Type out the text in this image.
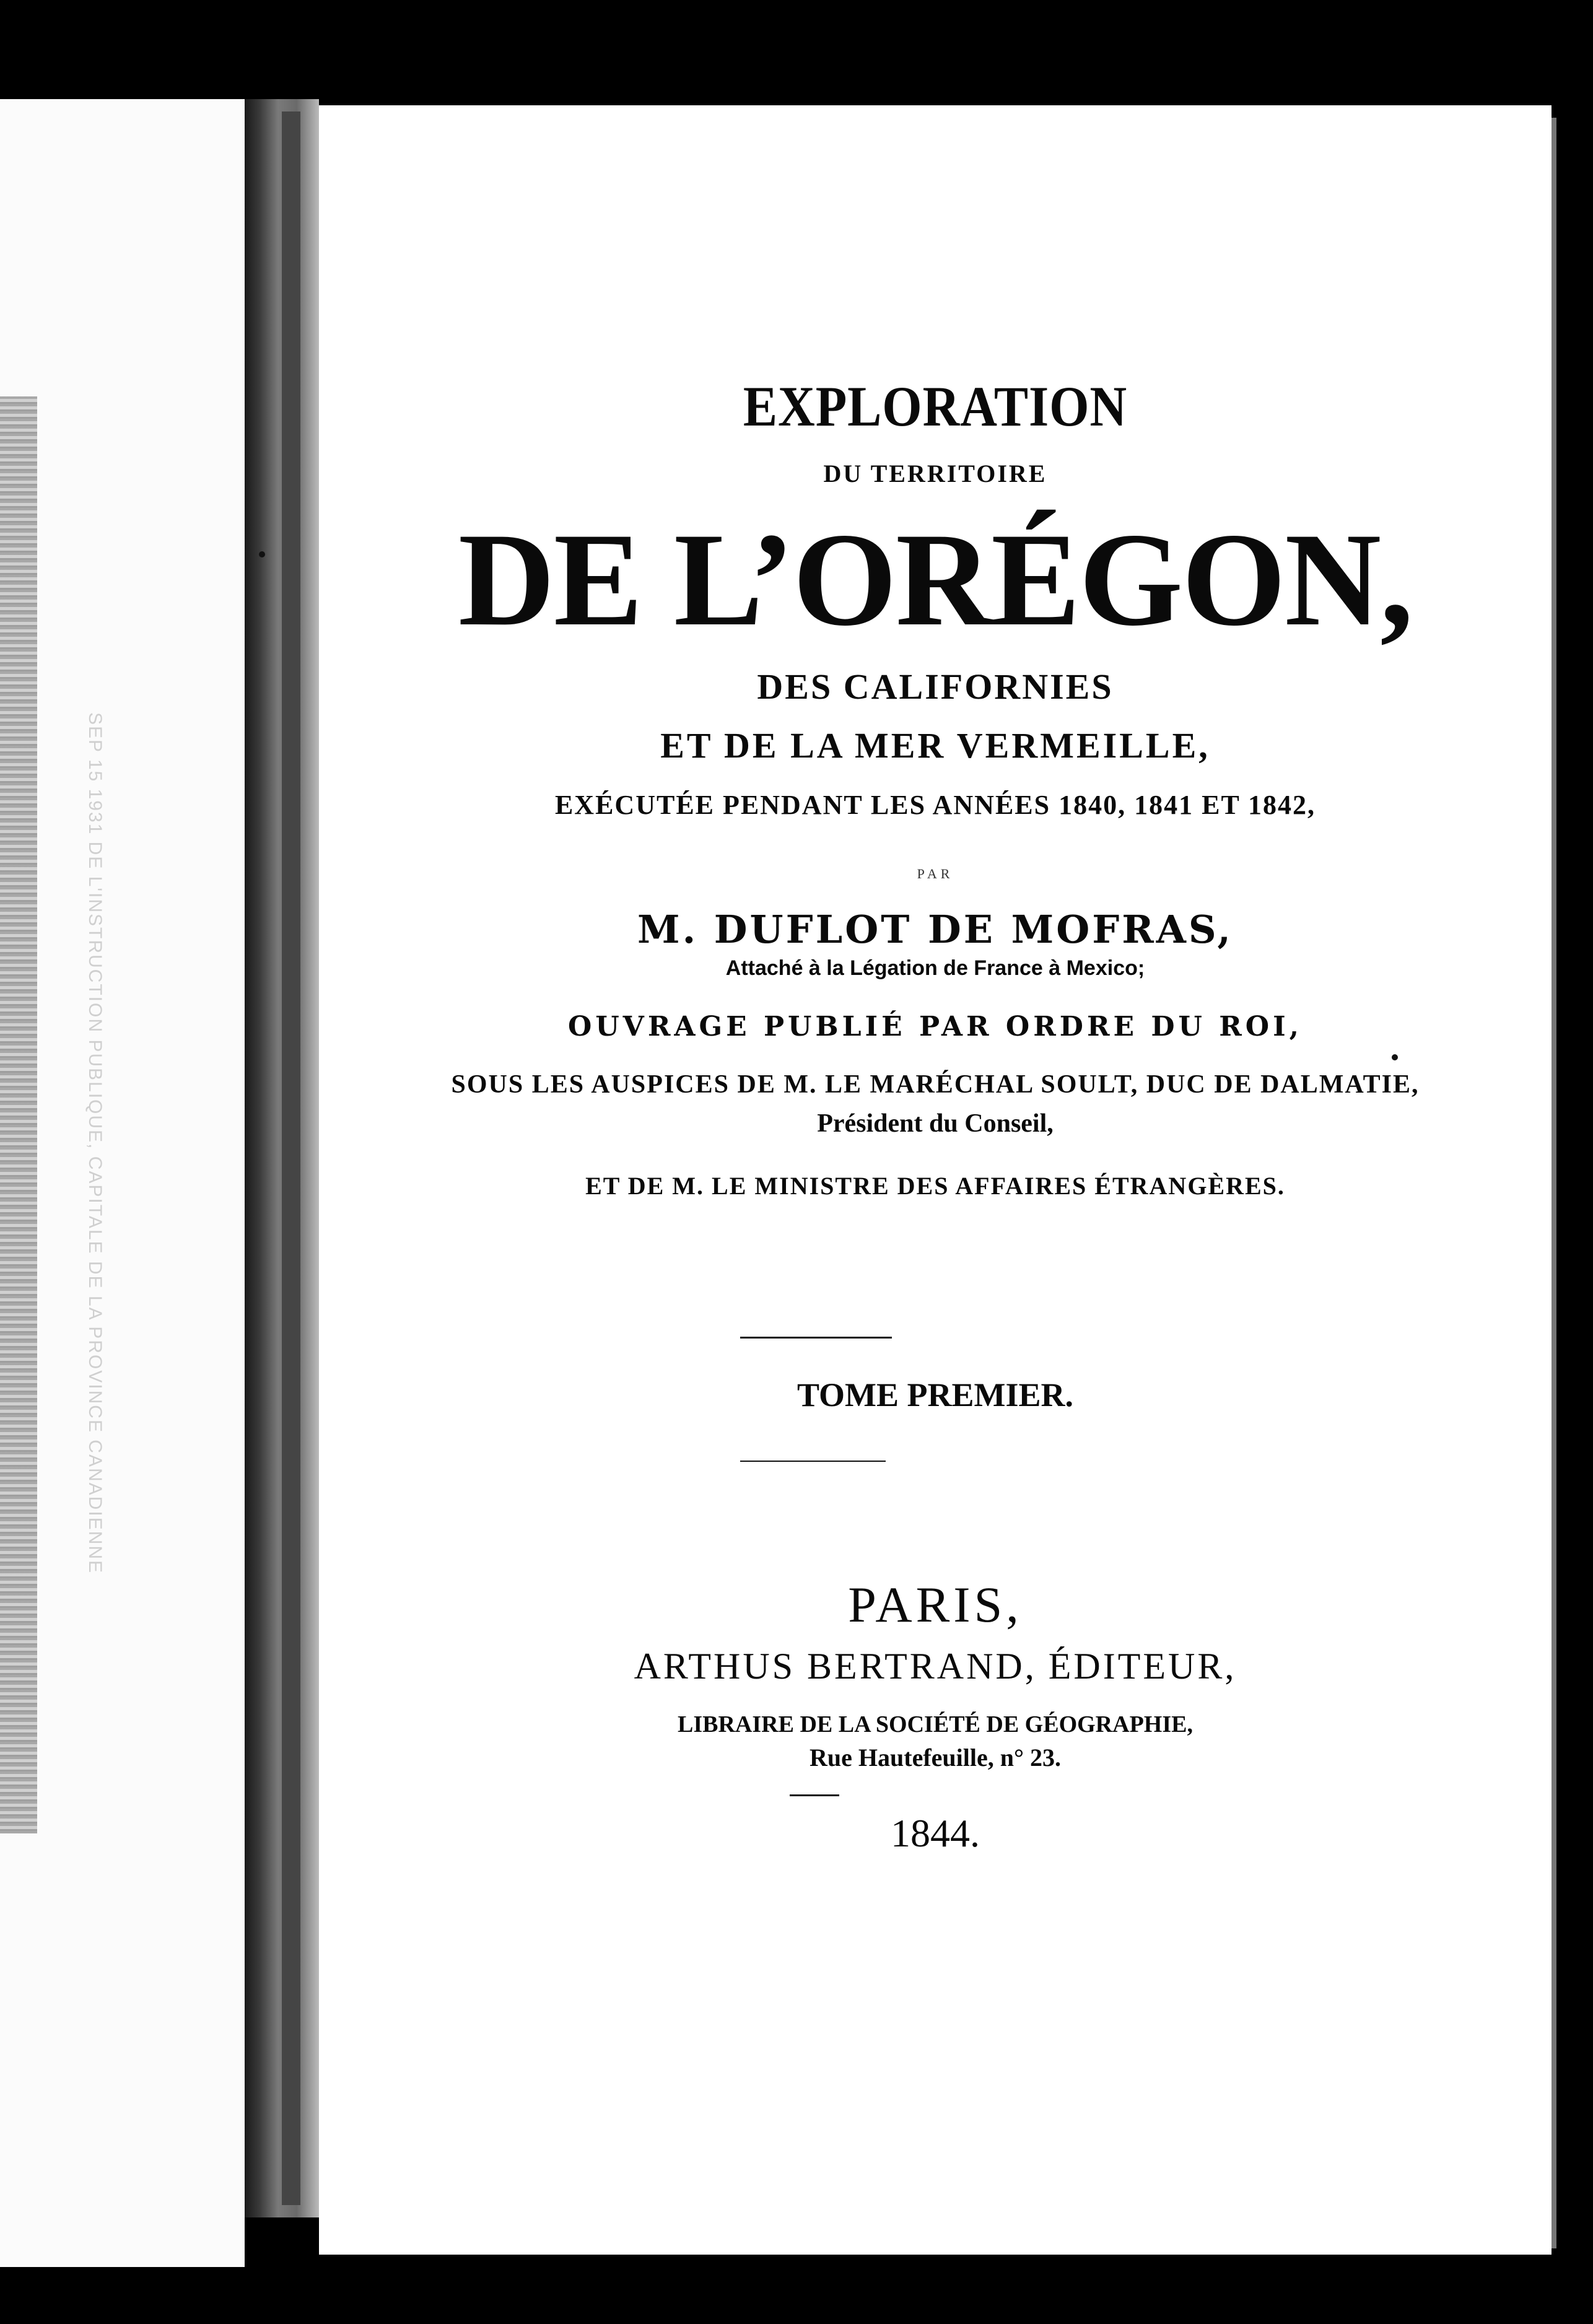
SEP 15 1931 DE L'INSTRUCTION PUBLIQUE, CAPITALE DE LA PROVINCE CANADIENNE

EXPLORATION

DU TERRITOIRE

DE L’ORÉGON,

DES CALIFORNIES

ET DE LA MER VERMEILLE,

EXÉCUTÉE PENDANT LES ANNÉES 1840, 1841 ET 1842,

PAR

M. DUFLOT DE MOFRAS,

Attaché à la Légation de France à Mexico;

OUVRAGE PUBLIÉ PAR ORDRE DU ROI,

SOUS LES AUSPICES DE M. LE MARÉCHAL SOULT, DUC DE DALMATIE,

Président du Conseil,

ET DE M. LE MINISTRE DES AFFAIRES ÉTRANGÈRES.

TOME PREMIER.

PARIS,

ARTHUS BERTRAND, ÉDITEUR,

LIBRAIRE DE LA SOCIÉTÉ DE GÉOGRAPHIE,

Rue Hautefeuille, n° 23.

1844.
